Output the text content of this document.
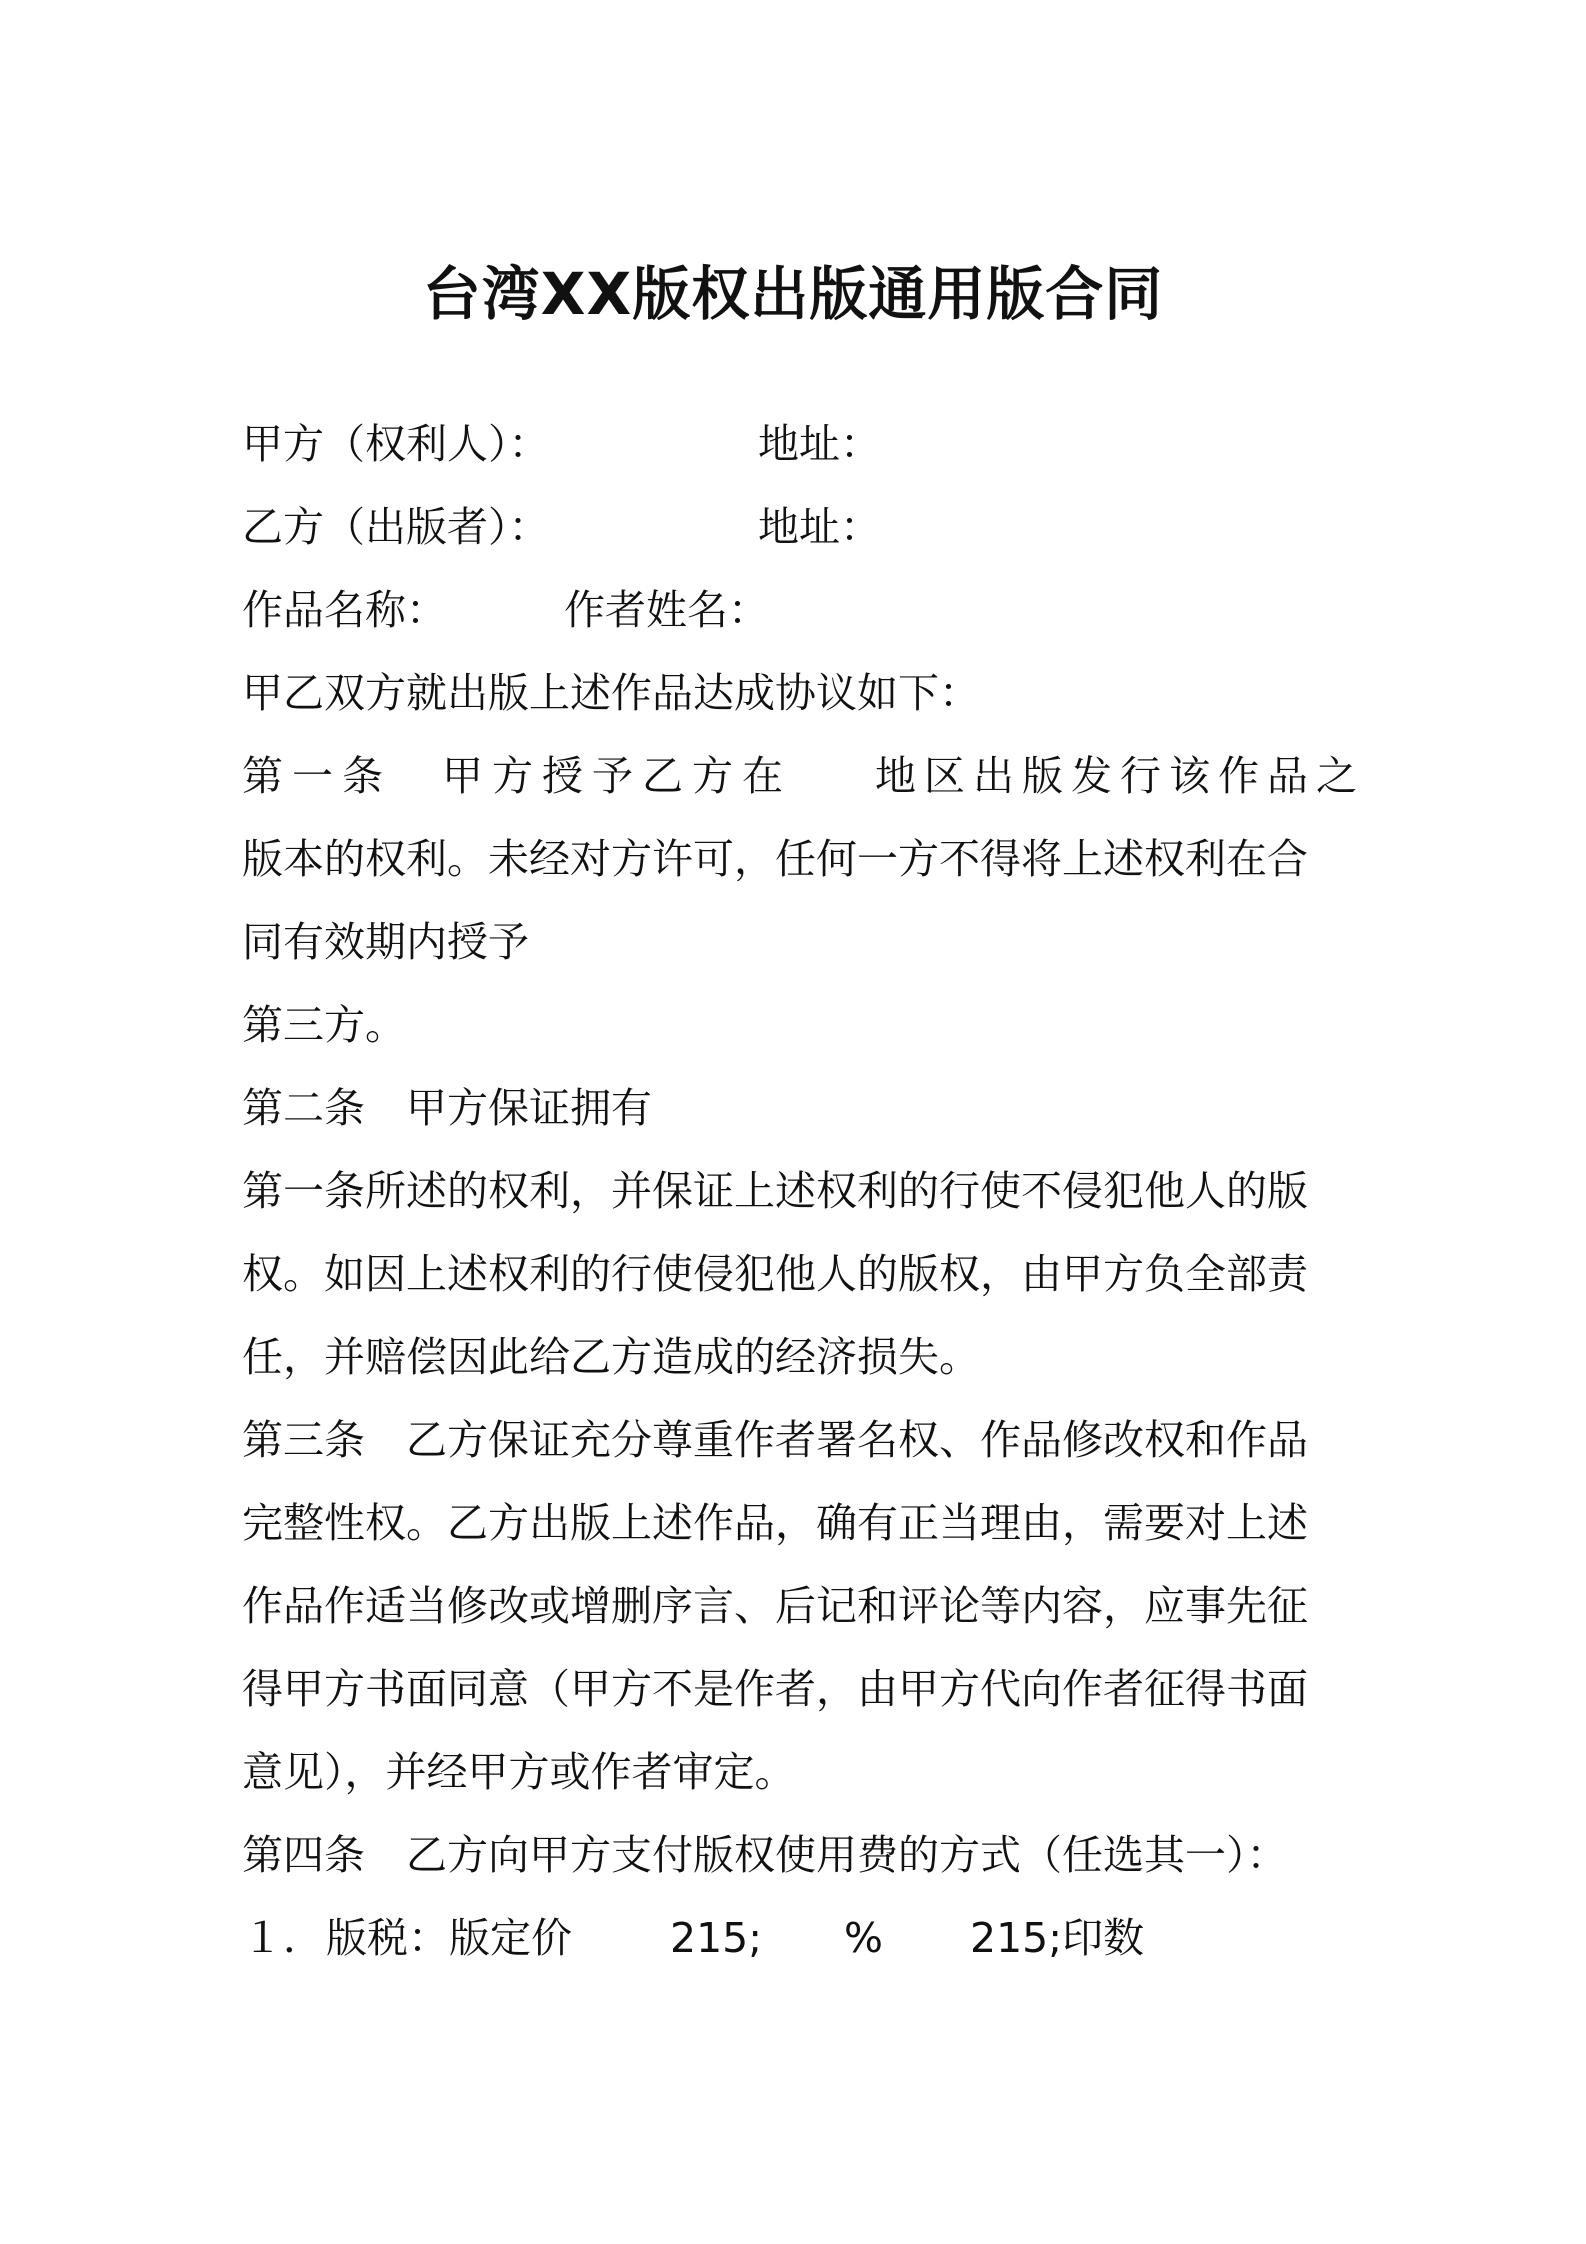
台湾XX版权出版通用版合同
甲方（权利人）：	地址：
乙方（出版者）：	地址：
作品名称：	作者姓名：
甲乙双方就出版上述作品达成协议如下：
第一条　甲方授予乙方在 地区出版发行该作品之
版本的权利。未经对方许可，任何一方不得将上述权利在合
同有效期内授予
第三方。
第二条　甲方保证拥有
第一条所述的权利，并保证上述权利的行使不侵犯他人的版
权。如因上述权利的行使侵犯他人的版权，由甲方负全部责
任，并赔偿因此给乙方造成的经济损失。
第三条　乙方保证充分尊重作者署名权、作品修改权和作品
完整性权。乙方出版上述作品，确有正当理由，需要对上述
作品作适当修改或增删序言、后记和评论等内容，应事先征
得甲方书面同意（甲方不是作者，由甲方代向作者征得书面
意见），并经甲方或作者审定。
第四条　乙方向甲方支付版权使用费的方式（任选其一）：
１． 版税：版定价 215; % 215;印数
